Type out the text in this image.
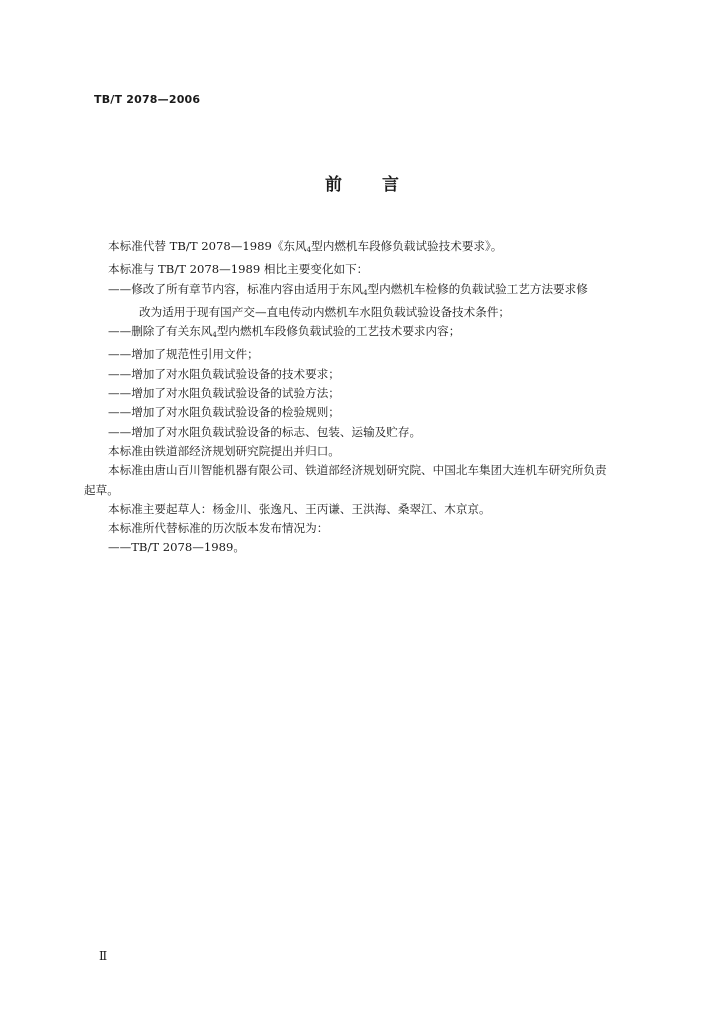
TB/T 2078—2006
前言
本标准代替 TB/T 2078—1989《东风$_4$型内燃机车段修负载试验技术要求》。
本标准与 TB/T 2078—1989 相比主要变化如下：
——修改了所有章节内容，标准内容由适用于东风$_4$型内燃机车检修的负载试验工艺方法要求修
改为适用于现有国产交—直电传动内燃机车水阻负载试验设备技术条件；
——删除了有关东风$_4$型内燃机车段修负载试验的工艺技术要求内容；
——增加了规范性引用文件；
——增加了对水阻负载试验设备的技术要求；
——增加了对水阻负载试验设备的试验方法；
——增加了对水阻负载试验设备的检验规则；
——增加了对水阻负载试验设备的标志、包装、运输及贮存。
本标准由铁道部经济规划研究院提出并归口。
本标准由唐山百川智能机器有限公司、铁道部经济规划研究院、中国北车集团大连机车研究所负责
起草。
本标准主要起草人：杨金川、张逸凡、王丙谦、王洪海、桑翠江、木京京。
本标准所代替标准的历次版本发布情况为：
——TB/T 2078—1989。
Ⅱ
